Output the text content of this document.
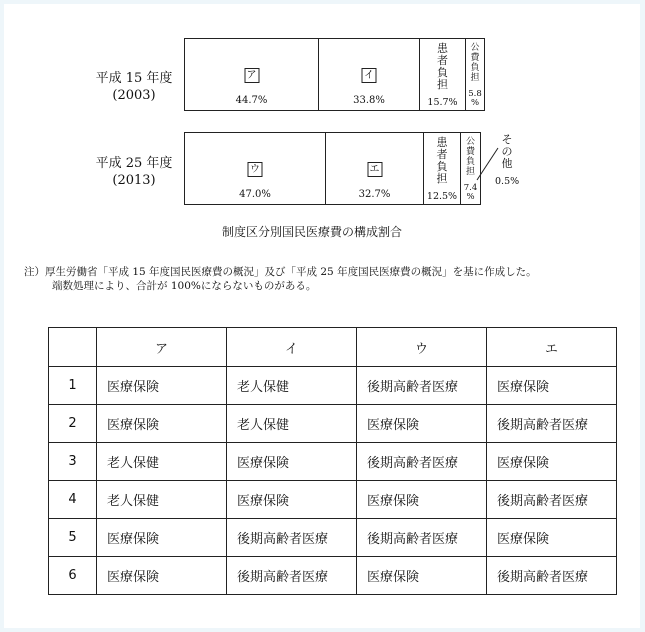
平成 15 年度
(2003)
ア
44.7%
イ
33.8%
患
者
負
担
15.7%
公
費
負
担
5.8
%
平成 25 年度
(2013)
ウ
47.0%
エ
32.7%
患
者
負
担
12.5%
公
費
負
担
7.4
%
そ
の
他
0.5%
制度区分別国民医療費の構成割合
注）厚生労働省「平成 15 年度国民医療費の概況」及び「平成 25 年度国民医療費の概況」を基に作成した。
端数処理により、合計が 100%にならないものがある。
	ア	イ	ウ	エ
1	医療保険	老人保健	後期高齢者医療	医療保険
2	医療保険	老人保健	医療保険	後期高齢者医療
3	老人保健	医療保険	後期高齢者医療	医療保険
4	老人保健	医療保険	医療保険	後期高齢者医療
5	医療保険	後期高齢者医療	後期高齢者医療	医療保険
6	医療保険	後期高齢者医療	医療保険	後期高齢者医療
